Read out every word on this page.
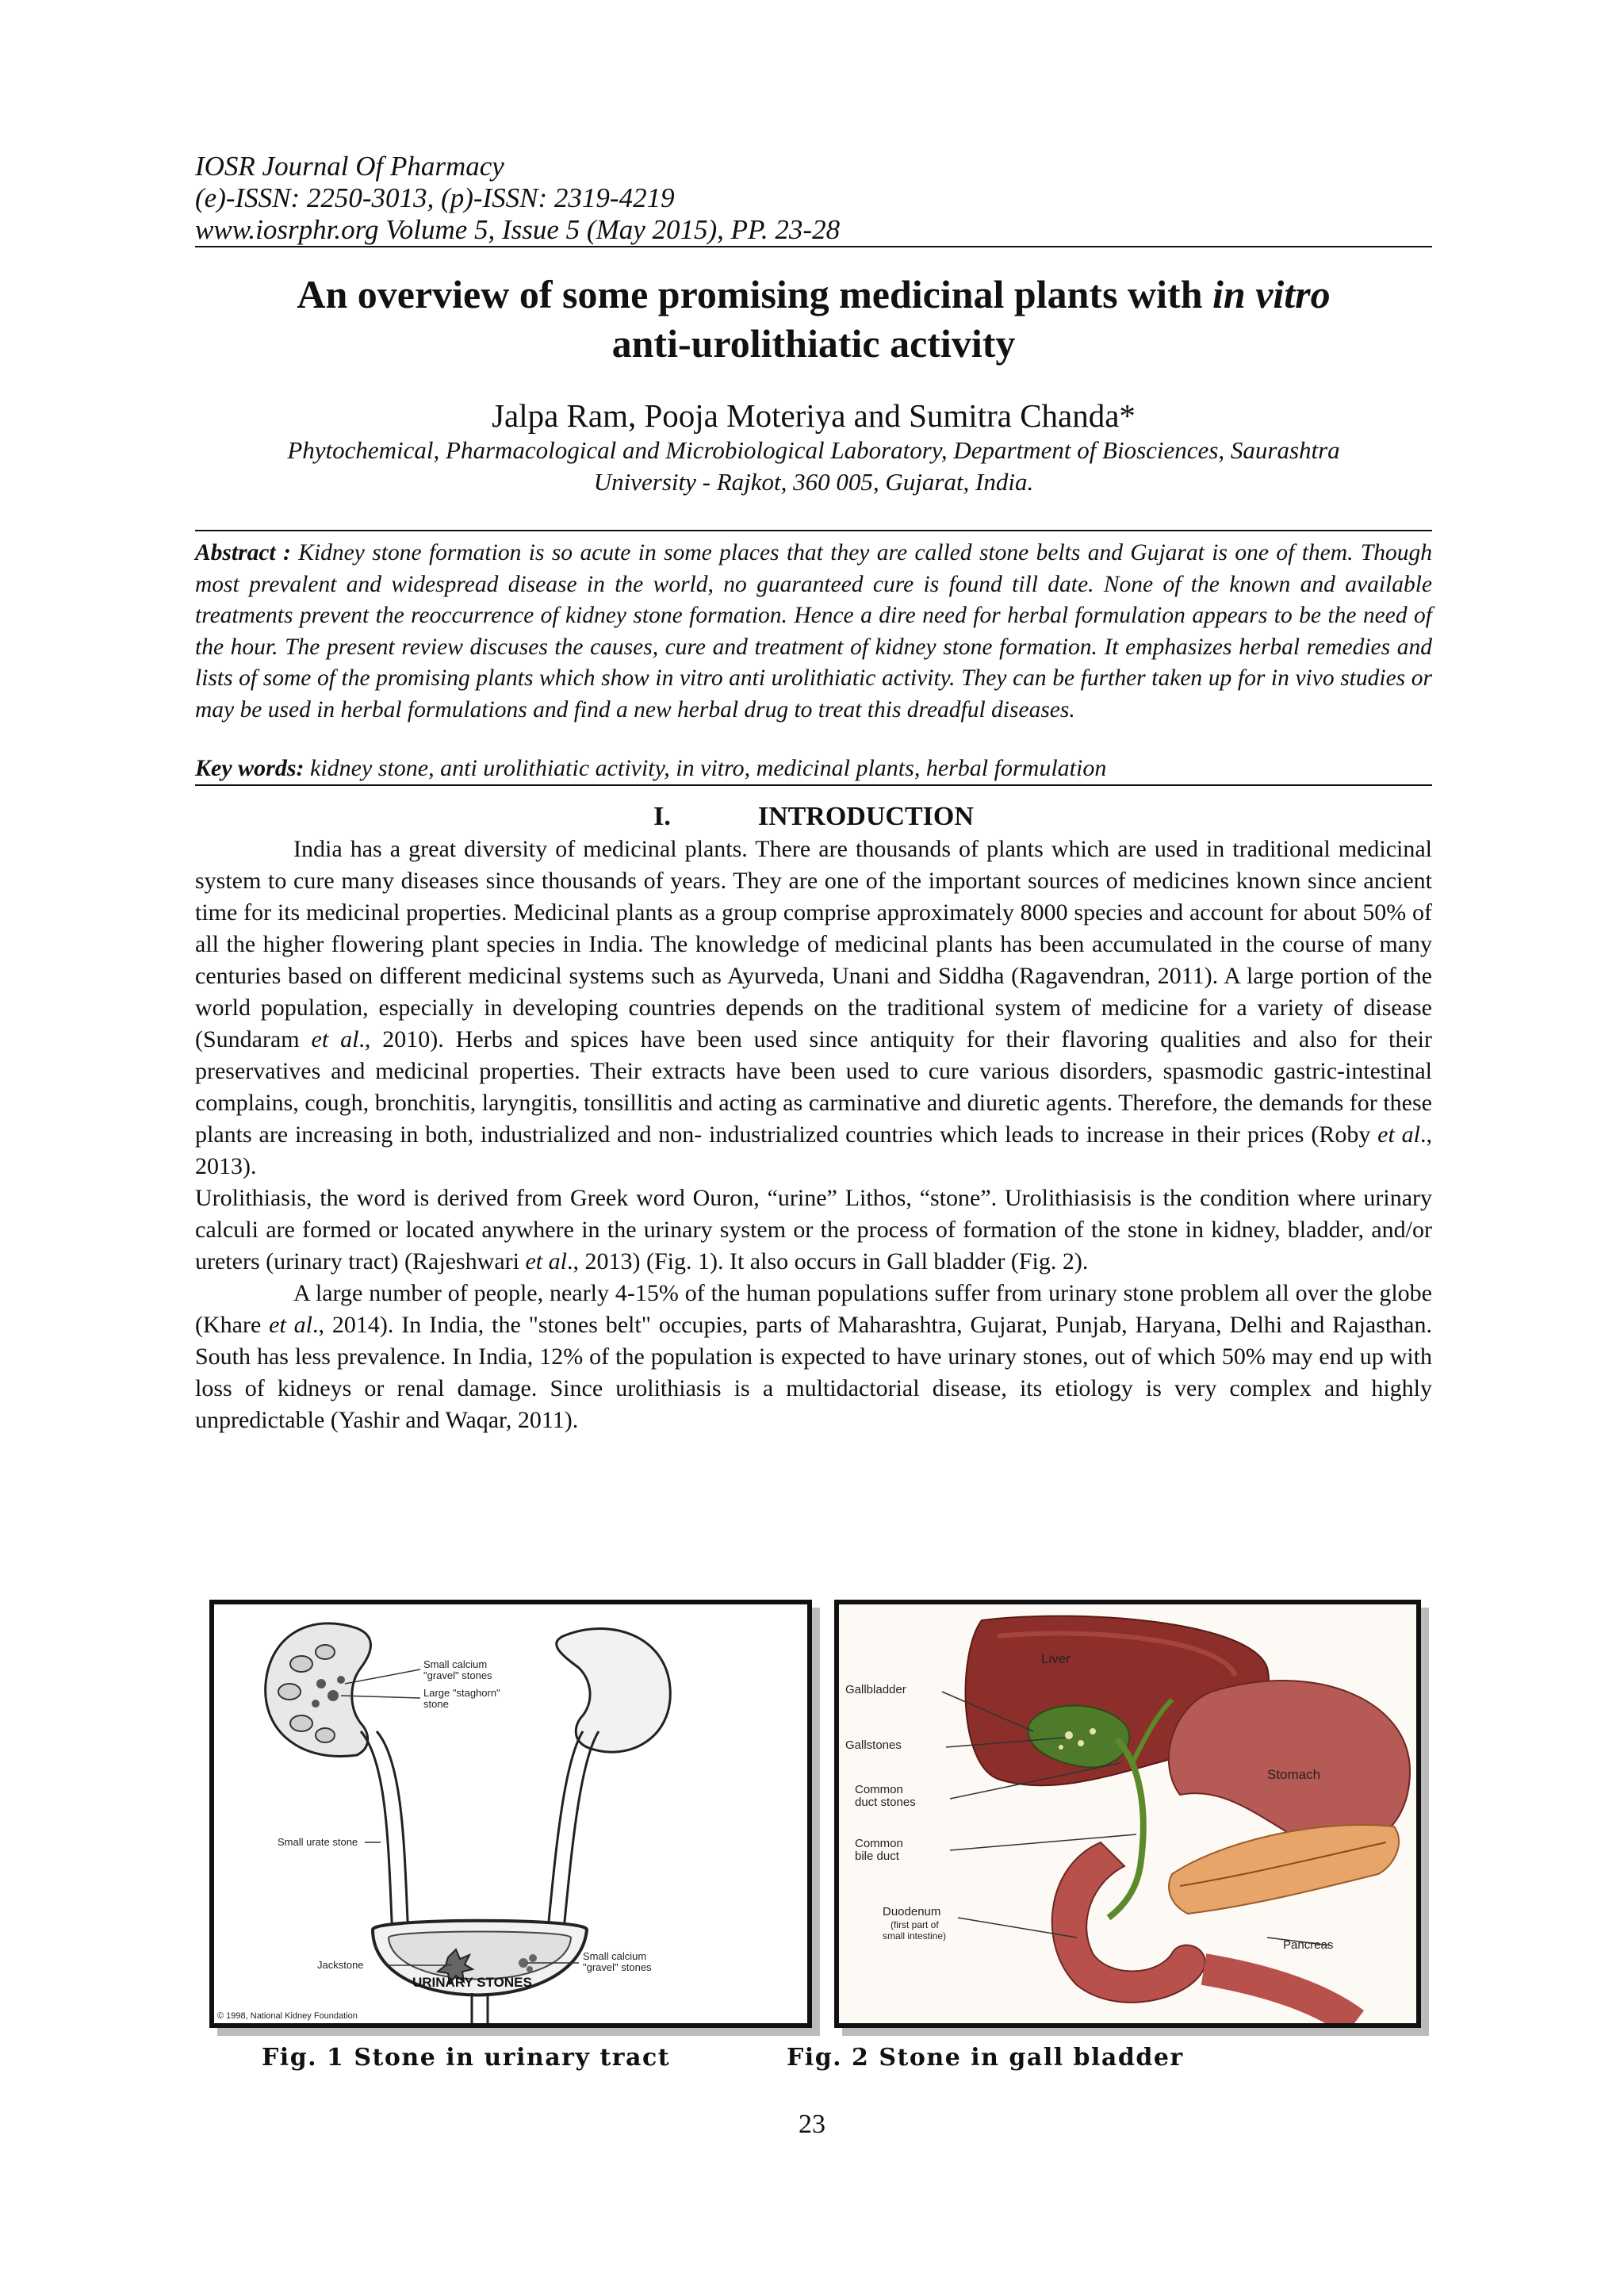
IOSR Journal Of Pharmacy
(e)-ISSN: 2250-3013, (p)-ISSN: 2319-4219
www.iosrphr.org Volume 5, Issue 5 (May 2015), PP. 23-28
An overview of some promising medicinal plants with in vitro
anti-urolithiatic activity
Jalpa Ram, Pooja Moteriya and Sumitra Chanda*
Phytochemical, Pharmacological and Microbiological Laboratory, Department of Biosciences, Saurashtra
University - Rajkot, 360 005, Gujarat, India.
Abstract : Kidney stone formation is so acute in some places that they are called stone belts and Gujarat is one of them. Though most prevalent and widespread disease in the world, no guaranteed cure is found till date. None of the known and available treatments prevent the reoccurrence of kidney stone formation. Hence a dire need for herbal formulation appears to be the need of the hour. The present review discuses the causes, cure and treatment of kidney stone formation. It emphasizes herbal remedies and lists of some of the promising plants which show in vitro anti urolithiatic activity. They can be further taken up for in vivo studies or may be used in herbal formulations and find a new herbal drug to treat this dreadful diseases.
Key words: kidney stone, anti urolithiatic activity, in vitro, medicinal plants, herbal formulation
I.	INTRODUCTION

India has a great diversity of medicinal plants. There are thousands of plants which are used in traditional medicinal system to cure many diseases since thousands of years. They are one of the important sources of medicines known since ancient time for its medicinal properties. Medicinal plants as a group comprise approximately 8000 species and account for about 50% of all the higher flowering plant species in India. The knowledge of medicinal plants has been accumulated in the course of many centuries based on different medicinal systems such as Ayurveda, Unani and Siddha (Ragavendran, 2011). A large portion of the world population, especially in developing countries depends on the traditional system of medicine for a variety of disease (Sundaram et al., 2010). Herbs and spices have been used since antiquity for their flavoring qualities and also for their preservatives and medicinal properties. Their extracts have been used to cure various disorders, spasmodic gastric-intestinal complains, cough, bronchitis, laryngitis, tonsillitis and acting as carminative and diuretic agents. Therefore, the demands for these plants are increasing in both, industrialized and non- industrialized countries which leads to increase in their prices (Roby et al., 2013).

Urolithiasis, the word is derived from Greek word Ouron, “urine” Lithos, “stone”. Urolithiasisis is the condition where urinary calculi are formed or located anywhere in the urinary system or the process of formation of the stone in kidney, bladder, and/or ureters (urinary tract) (Rajeshwari et al., 2013) (Fig. 1). It also occurs in Gall bladder (Fig. 2).

A large number of people, nearly 4-15% of the human populations suffer from urinary stone problem all over the globe (Khare et al., 2014). In India, the "stones belt" occupies, parts of Maharashtra, Gujarat, Punjab, Haryana, Delhi and Rajasthan. South has less prevalence. In India, 12% of the population is expected to have urinary stones, out of which 50% may end up with loss of kidneys or renal damage. Since urolithiasis is a multidactorial disease, its etiology is very complex and highly unpredictable (Yashir and Waqar, 2011).

Small calcium
"gravel" stones
Large "staghorn"
stone
Small urate stone
Jackstone
Small calcium
"gravel" stones
URINARY STONES
© 1998, National Kidney Foundation
Liver
Gallbladder
Gallstones
Common
duct stones
Common
bile duct
Stomach
Duodenum
(first part of
small intestine)
Pancreas
Fig. 1 Stone in urinary tract	Fig. 2 Stone in gall bladder
23
